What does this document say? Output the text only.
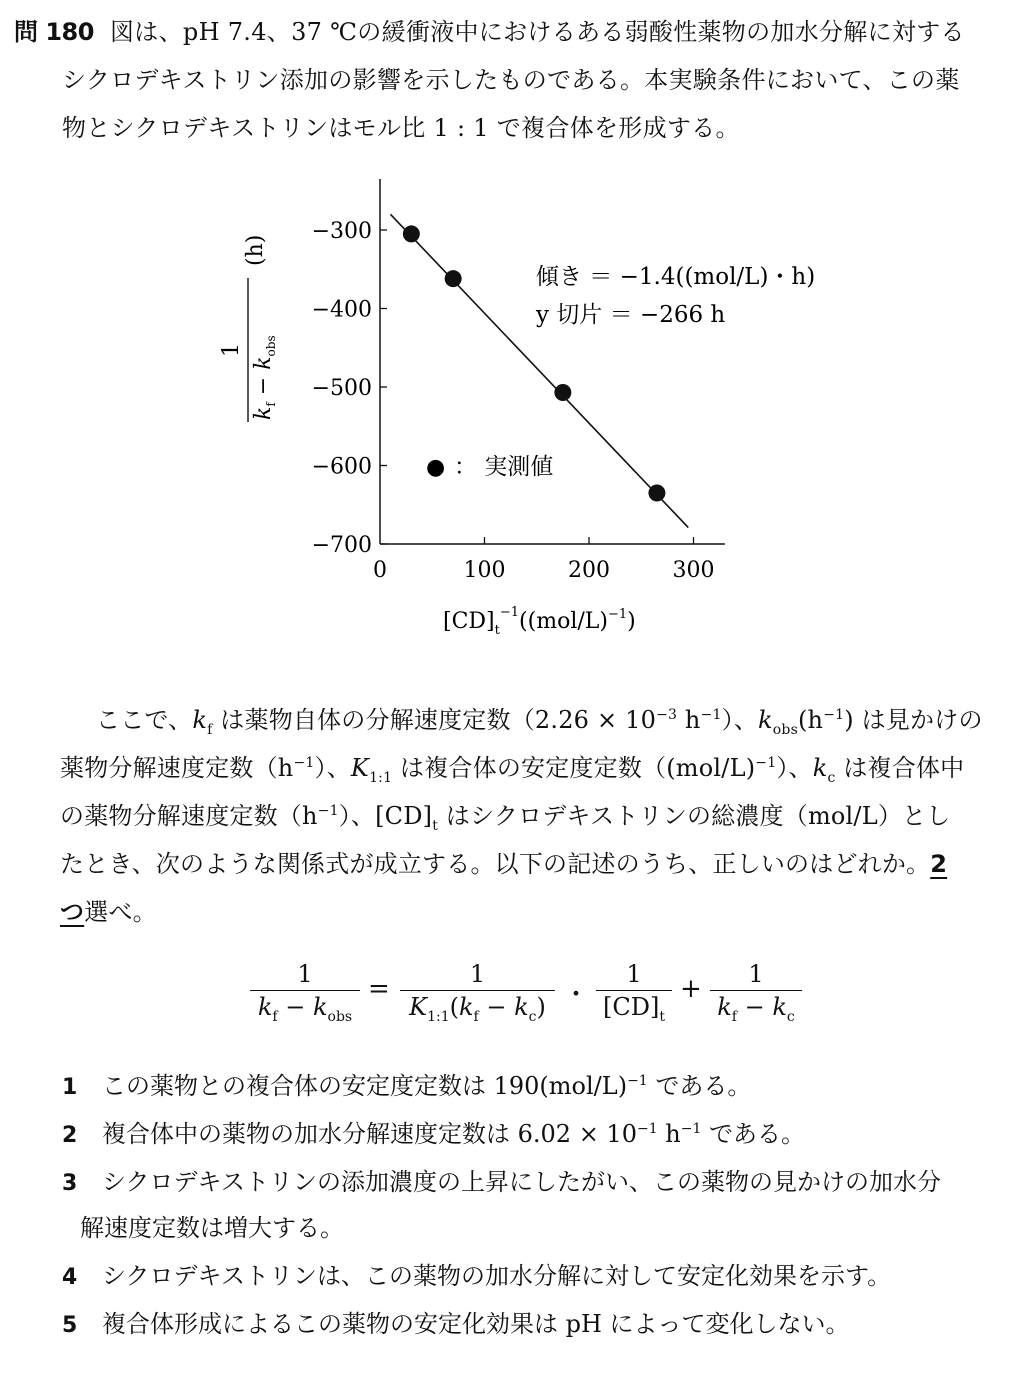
問 180 図は、pH 7.4、37 ℃の緩衝液中におけるある弱酸性薬物の加水分解に対する
シクロデキストリン添加の影響を示したものである。本実験条件において、この薬
物とシクロデキストリンはモル比 1 : 1 で複合体を形成する。
−300
−400
−500
−600
−700
0	100	200	300
傾き ＝ −1.4((mol/L)・h)
y 切片 ＝ −266 h
● ： 実測値
$[CD]_t^{-1}((mol/L)^{-1})$
1
$k_f - k_{obs}$
(h)
ここで、$k_f$ は薬物自体の分解速度定数（$2.26 \times 10^{-3}$ $h^{-1}$）、$k_{obs}(h^{-1})$ は見かけの
薬物分解速度定数$(h^{-1})$、$K_{1:1}$ は複合体の安定度定数$((mol/L)^{-1})$、$k_c$ は複合体中
の薬物分解速度定数$(h^{-1})$、$[CD]_t$ はシクロデキストリンの総濃度（mol/L）とし
たとき、次のような関係式が成立する。以下の記述のうち、正しいのはどれか。2
つ選べ。
1
$k_f - k_{obs}$
=	1
$K_{1:1}(k_f - k_c)$ ・
1
$[CD]_t$
+	1
$k_f - k_c$
1 この薬物との複合体の安定度定数は $190(mol/L)^{-1}$ である。
2 複合体中の薬物の加水分解速度定数は $6.02 \times 10^{-1}$ $h^{-1}$ である。
3 シクロデキストリンの添加濃度の上昇にしたがい、この薬物の見かけの加水分
解速度定数は増大する。
4 シクロデキストリンは、この薬物の加水分解に対して安定化効果を示す。
5 複合体形成によるこの薬物の安定化効果は pH によって変化しない。
